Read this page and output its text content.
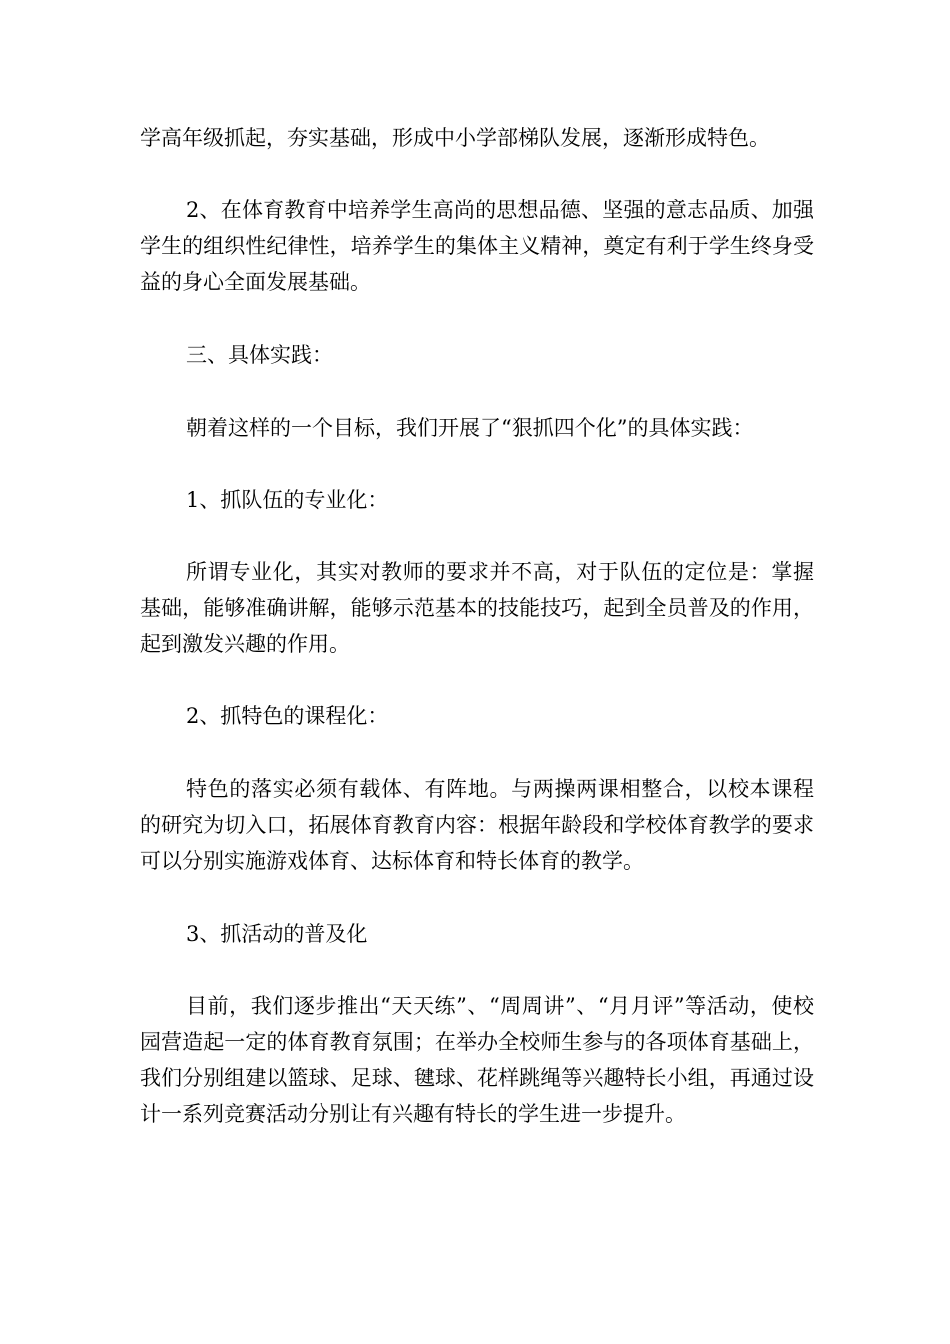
学高年级抓起，夯实基础，形成中小学部梯队发展，逐渐形成特色。

2、在体育教育中培养学生高尚的思想品德、坚强的意志品质、加强学生的组织性纪律性，培养学生的集体主义精神，奠定有利于学生终身受益的身心全面发展基础。

三、具体实践：

朝着这样的一个目标，我们开展了“狠抓四个化”的具体实践：

1、抓队伍的专业化：

所谓专业化，其实对教师的要求并不高，对于队伍的定位是：掌握基础，能够准确讲解，能够示范基本的技能技巧，起到全员普及的作用，起到激发兴趣的作用。

2、抓特色的课程化：

特色的落实必须有载体、有阵地。与两操两课相整合，以校本课程的研究为切入口，拓展体育教育内容：根据年龄段和学校体育教学的要求可以分别实施游戏体育、达标体育和特长体育的教学。

3、抓活动的普及化

目前，我们逐步推出“天天练”、“周周讲”、“月月评”等活动，使校园营造起一定的体育教育氛围；在举办全校师生参与的各项体育基础上，我们分别组建以篮球、足球、毽球、花样跳绳等兴趣特长小组，再通过设计一系列竞赛活动分别让有兴趣有特长的学生进一步提升。
